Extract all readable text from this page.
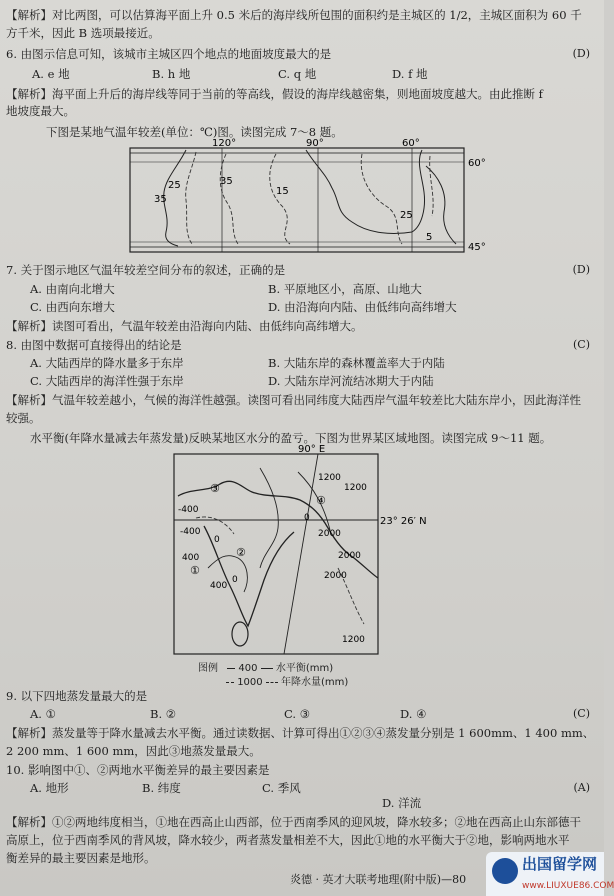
【解析】对比两图，可以估算海平面上升 0.5 米后的海岸线所包围的面积约是主城区的 1/2，主城区面积为 60 千
方千米，因此 B 选项最接近。
6. 由图示信息可知，该城市主城区四个地点的地面坡度最大的是	(D)
A. e 地	B. h 地	C. q 地	D. f 地
【解析】海平面上升后的海岸线等同于当前的等高线，假设的海岸线越密集，则地面坡度越大。由此推断 f
地坡度最大。
下图是某地气温年较差(单位：℃)图。读图完成 7～8 题。
120°	90°	60°
60°
45°
25
35
35
15
25
5
7. 关于图示地区气温年较差空间分布的叙述，正确的是	(D)
A. 由南向北增大	B. 平原地区小，高原、山地大
C. 由西向东增大	D. 由沿海向内陆、由低纬向高纬增大
【解析】读图可看出，气温年较差由沿海向内陆、由低纬向高纬增大。
8. 由图中数据可直接得出的结论是	(C)
A. 大陆西岸的降水量多于东岸	B. 大陆东岸的森林覆盖率大于内陆
C. 大陆西岸的海洋性强于东岸	D. 大陆东岸河流结冰期大于内陆
【解析】气温年较差越小，气候的海洋性越强。读图可看出同纬度大陆西岸气温年较差比大陆东岸小，因此海洋性
较强。
水平衡(年降水量减去年蒸发量)反映某地区水分的盈亏。下图为世界某区域地图。读图完成 9～11 题。
90° E
23° 26′ N
③
②
①
④
-400
-400
400
0
400
0
1200
1200
0
2000
2000
2000
1200
图例 400 水平衡(mm)
1000 年降水量(mm)
9. 以下四地蒸发量最大的是
(C)
A. ①	B. ②	C. ③	D. ④
【解析】蒸发量等于降水量减去水平衡。通过读数据、计算可得出①②③④蒸发量分别是 1 600mm、1 400 mm、
2 200 mm、1 600 mm，因此③地蒸发量最大。
10. 影响图中①、②两地水平衡差异的最主要因素是
(A)
A. 地形	B. 纬度	C. 季风
D. 洋流
【解析】①②两地纬度相当，①地在西高止山西部，位于西南季风的迎风坡，降水较多；②地在西高止山东部德干
高原上，位于西南季风的背风坡，降水较少，两者蒸发量相差不大，因此①地的水平衡大于②地，影响两地水平
衡差异的最主要因素是地形。
炎德 · 英才大联考地理(附中版)—80
出国留学网
www.LIUXUE86.COM
